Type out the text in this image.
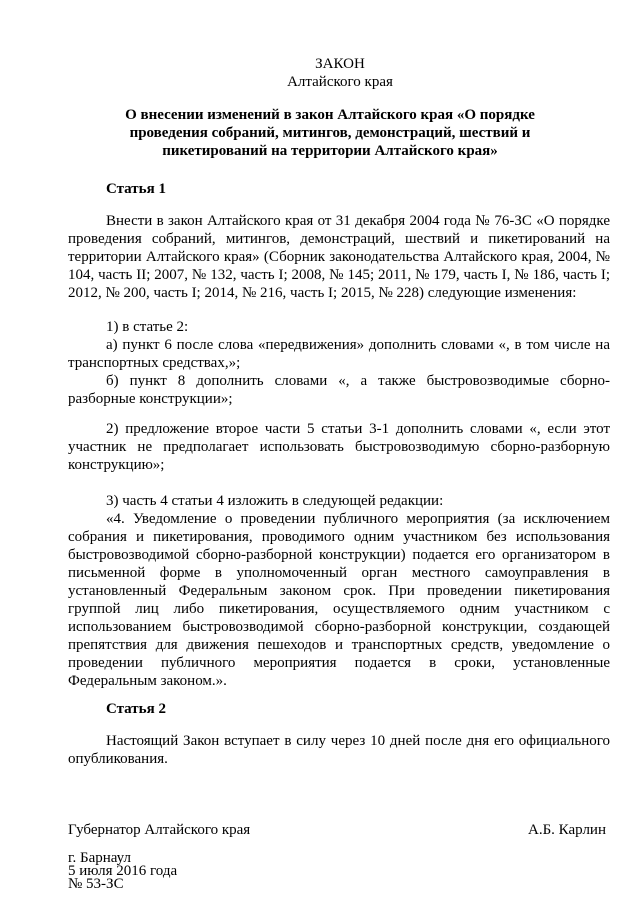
ЗАКОН
Алтайского края
О внесении изменений в закон Алтайского края «О порядке проведения собраний, митингов, демонстраций, шествий и пикетирований на территории Алтайского края»
Статья 1
Внести в закон Алтайского края от 31 декабря 2004 года № 76-ЗС «О порядке проведения собраний, митингов, демонстраций, шествий и пикетирований на территории Алтайского края» (Сборник законодательства Алтайского края, 2004, № 104, часть II; 2007, № 132, часть I; 2008, № 145; 2011, № 179, часть I, № 186, часть I; 2012, № 200, часть I; 2014, № 216, часть I; 2015, № 228) следующие изменения:
1) в статье 2:
а) пункт 6 после слова «передвижения» дополнить словами «, в том числе на транспортных средствах,»;
б) пункт 8 дополнить словами «, а также быстровозводимые сборно-разборные конструкции»;
2) предложение второе части 5 статьи 3-1 дополнить словами «, если этот участник не предполагает использовать быстровозводимую сборно-разборную конструкцию»;
3) часть 4 статьи 4 изложить в следующей редакции:
«4. Уведомление о проведении публичного мероприятия (за исключением собрания и пикетирования, проводимого одним участником без использования быстровозводимой сборно-разборной конструкции) подается его организатором в письменной форме в уполномоченный орган местного самоуправления в установленный Федеральным законом срок. При проведении пикетирования группой лиц либо пикетирования, осуществляемого одним участником с использованием быстровозводимой сборно-разборной конструкции, создающей препятствия для движения пешеходов и транспортных средств, уведомление о проведении публичного мероприятия подается в сроки, установленные Федеральным законом.».
Статья 2
Настоящий Закон вступает в силу через 10 дней после дня его официального опубликования.
Губернатор Алтайского края	А.Б. Карлин
г. Барнаул
5 июля 2016 года
№ 53-ЗС
